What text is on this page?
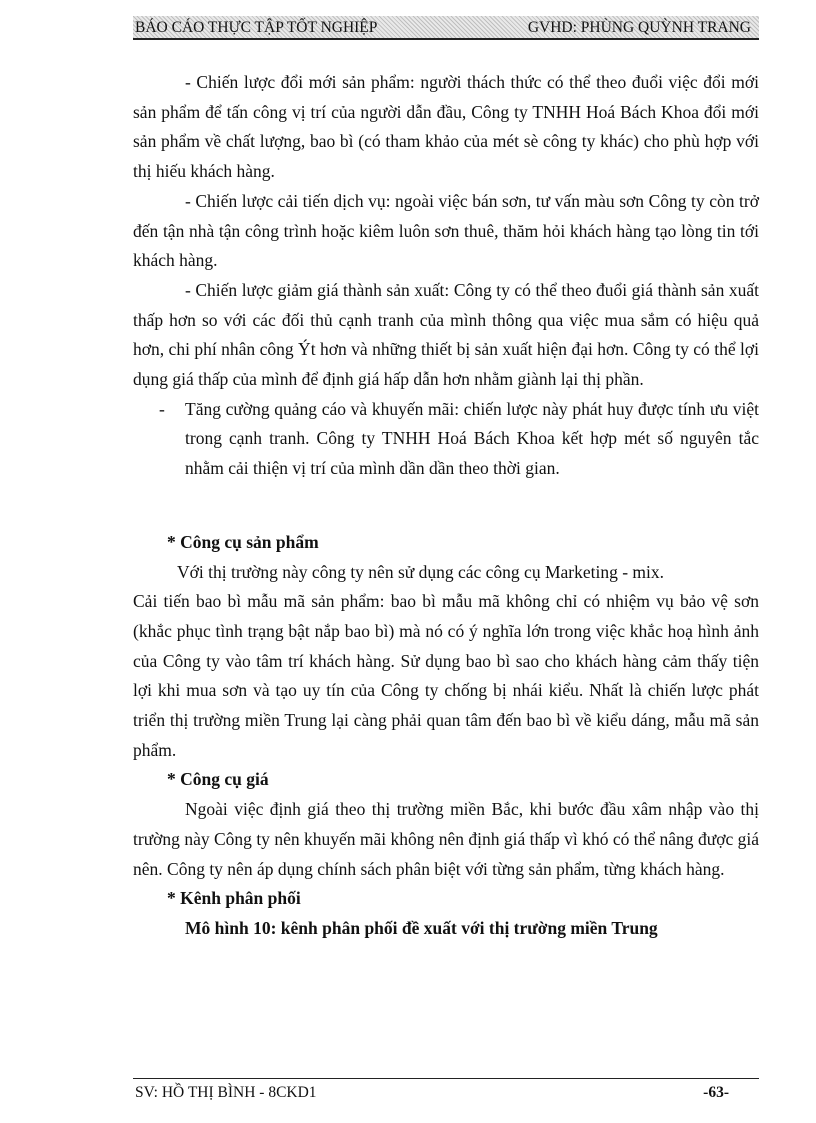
BÁO CÁO THỰC TẬP TỐT NGHIỆP	GVHD: PHÙNG QUỲNH TRANG

- Chiến lược đổi mới sản phẩm: người thách thức có thể theo đuổi việc đổi mới sản phẩm để tấn công vị trí của người dẫn đầu, Công ty TNHH Hoá Bách Khoa đổi mới sản phẩm về chất lượng, bao bì (có tham khảo của mét sè công ty khác) cho phù hợp với thị hiếu khách hàng.

- Chiến lược cải tiến dịch vụ: ngoài việc bán sơn, tư vấn màu sơn Công ty còn trở đến tận nhà tận công trình hoặc kiêm luôn sơn thuê, thăm hỏi khách hàng tạo lòng tin tới khách hàng.

- Chiến lược giảm giá thành sản xuất: Công ty có thể theo đuổi giá thành sản xuất thấp hơn so với các đối thủ cạnh tranh của mình thông qua việc mua sắm có hiệu quả hơn, chi phí nhân công Ýt hơn và những thiết bị sản xuất hiện đại hơn. Công ty có thể lợi dụng giá thấp của mình để định giá hấp dẫn hơn nhằm giành lại thị phần.

- Tăng cường quảng cáo và khuyến mãi: chiến lược này phát huy được tính ưu việt trong cạnh tranh. Công ty TNHH Hoá Bách Khoa kết hợp mét số nguyên tắc nhằm cải thiện vị trí của mình dần dần theo thời gian.

* Công cụ sản phẩm

Với thị trường này công ty nên sử dụng các công cụ Marketing - mix.

Cải tiến bao bì mẫu mã sản phẩm: bao bì mẫu mã không chỉ có nhiệm vụ bảo vệ sơn (khắc phục tình trạng bật nắp bao bì) mà nó có ý nghĩa lớn trong việc khắc hoạ hình ảnh của Công ty vào tâm trí khách hàng. Sử dụng bao bì sao cho khách hàng cảm thấy tiện lợi khi mua sơn và tạo uy tín của Công ty chống bị nhái kiểu. Nhất là chiến lược phát triển thị trường miền Trung lại càng phải quan tâm đến bao bì về kiểu dáng, mẫu mã sản phẩm.

* Công cụ giá

Ngoài việc định giá theo thị trường miền Bắc, khi bước đầu xâm nhập vào thị trường này Công ty nên khuyến mãi không nên định giá thấp vì khó có thể nâng được giá nên. Công ty nên áp dụng chính sách phân biệt với từng sản phẩm, từng khách hàng.

* Kênh phân phối

Mô hình 10: kênh phân phối đề xuất với thị trường miền Trung

SV: HỒ THỊ BÌNH - 8CKD1	-63-
